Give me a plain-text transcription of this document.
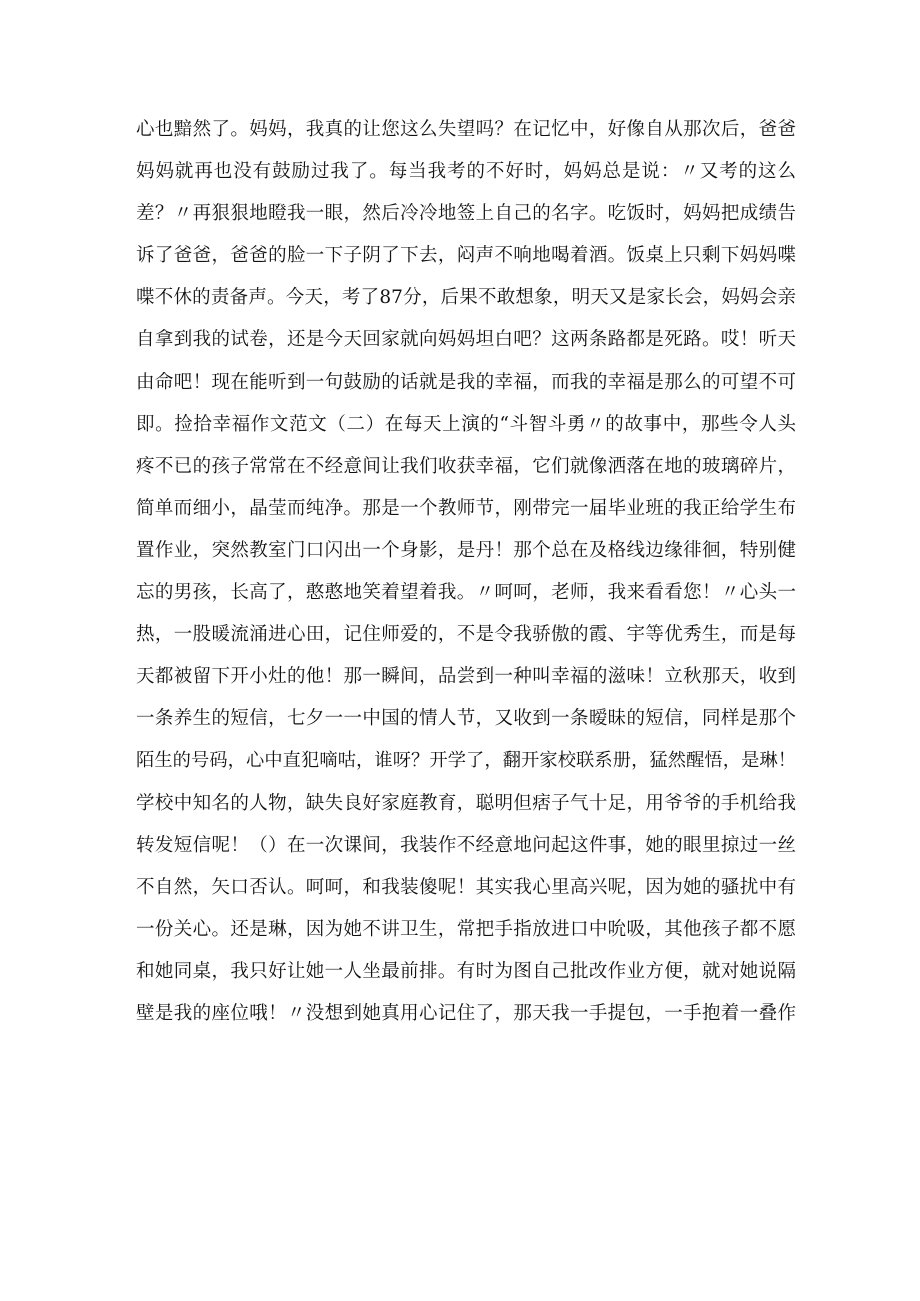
心也黯然了。妈妈，我真的让您这么失望吗？在记忆中，好像自从那次后，爸爸
妈妈就再也没有鼓励过我了。每当我考的不好时，妈妈总是说：〃又考的这么
差？〃再狠狠地瞪我一眼，然后冷冷地签上自己的名字。吃饭时，妈妈把成绩告
诉了爸爸，爸爸的脸一下子阴了下去，闷声不响地喝着酒。饭桌上只剩下妈妈喋
喋不休的责备声。今天，考了87分，后果不敢想象，明天又是家长会，妈妈会亲
自拿到我的试卷，还是今天回家就向妈妈坦白吧？这两条路都是死路。哎！听天
由命吧！现在能听到一句鼓励的话就是我的幸福，而我的幸福是那么的可望不可
即。捡拾幸福作文范文（二）在每天上演的“斗智斗勇〃的故事中，那些令人头
疼不已的孩子常常在不经意间让我们收获幸福，它们就像洒落在地的玻璃碎片，
简单而细小，晶莹而纯净。那是一个教师节，刚带完一届毕业班的我正给学生布
置作业，突然教室门口闪出一个身影，是丹！那个总在及格线边缘徘徊，特别健
忘的男孩，长高了，憨憨地笑着望着我。〃呵呵，老师，我来看看您！〃心头一
热，一股暖流涌进心田，记住师爱的，不是令我骄傲的霞、宇等优秀生，而是每
天都被留下开小灶的他！那一瞬间，品尝到一种叫幸福的滋味！立秋那天，收到
一条养生的短信，七夕一一中国的情人节，又收到一条暧昧的短信，同样是那个
陌生的号码，心中直犯嘀咕，谁呀？开学了，翻开家校联系册，猛然醒悟，是琳！
学校中知名的人物，缺失良好家庭教育，聪明但痞子气十足，用爷爷的手机给我
转发短信呢！（）在一次课间，我装作不经意地问起这件事，她的眼里掠过一丝
不自然，矢口否认。呵呵，和我装傻呢！其实我心里高兴呢，因为她的骚扰中有
一份关心。还是琳，因为她不讲卫生，常把手指放进口中吮吸，其他孩子都不愿
和她同桌，我只好让她一人坐最前排。有时为图自己批改作业方便，就对她说隔
壁是我的座位哦！〃没想到她真用心记住了，那天我一手提包，一手抱着一叠作
